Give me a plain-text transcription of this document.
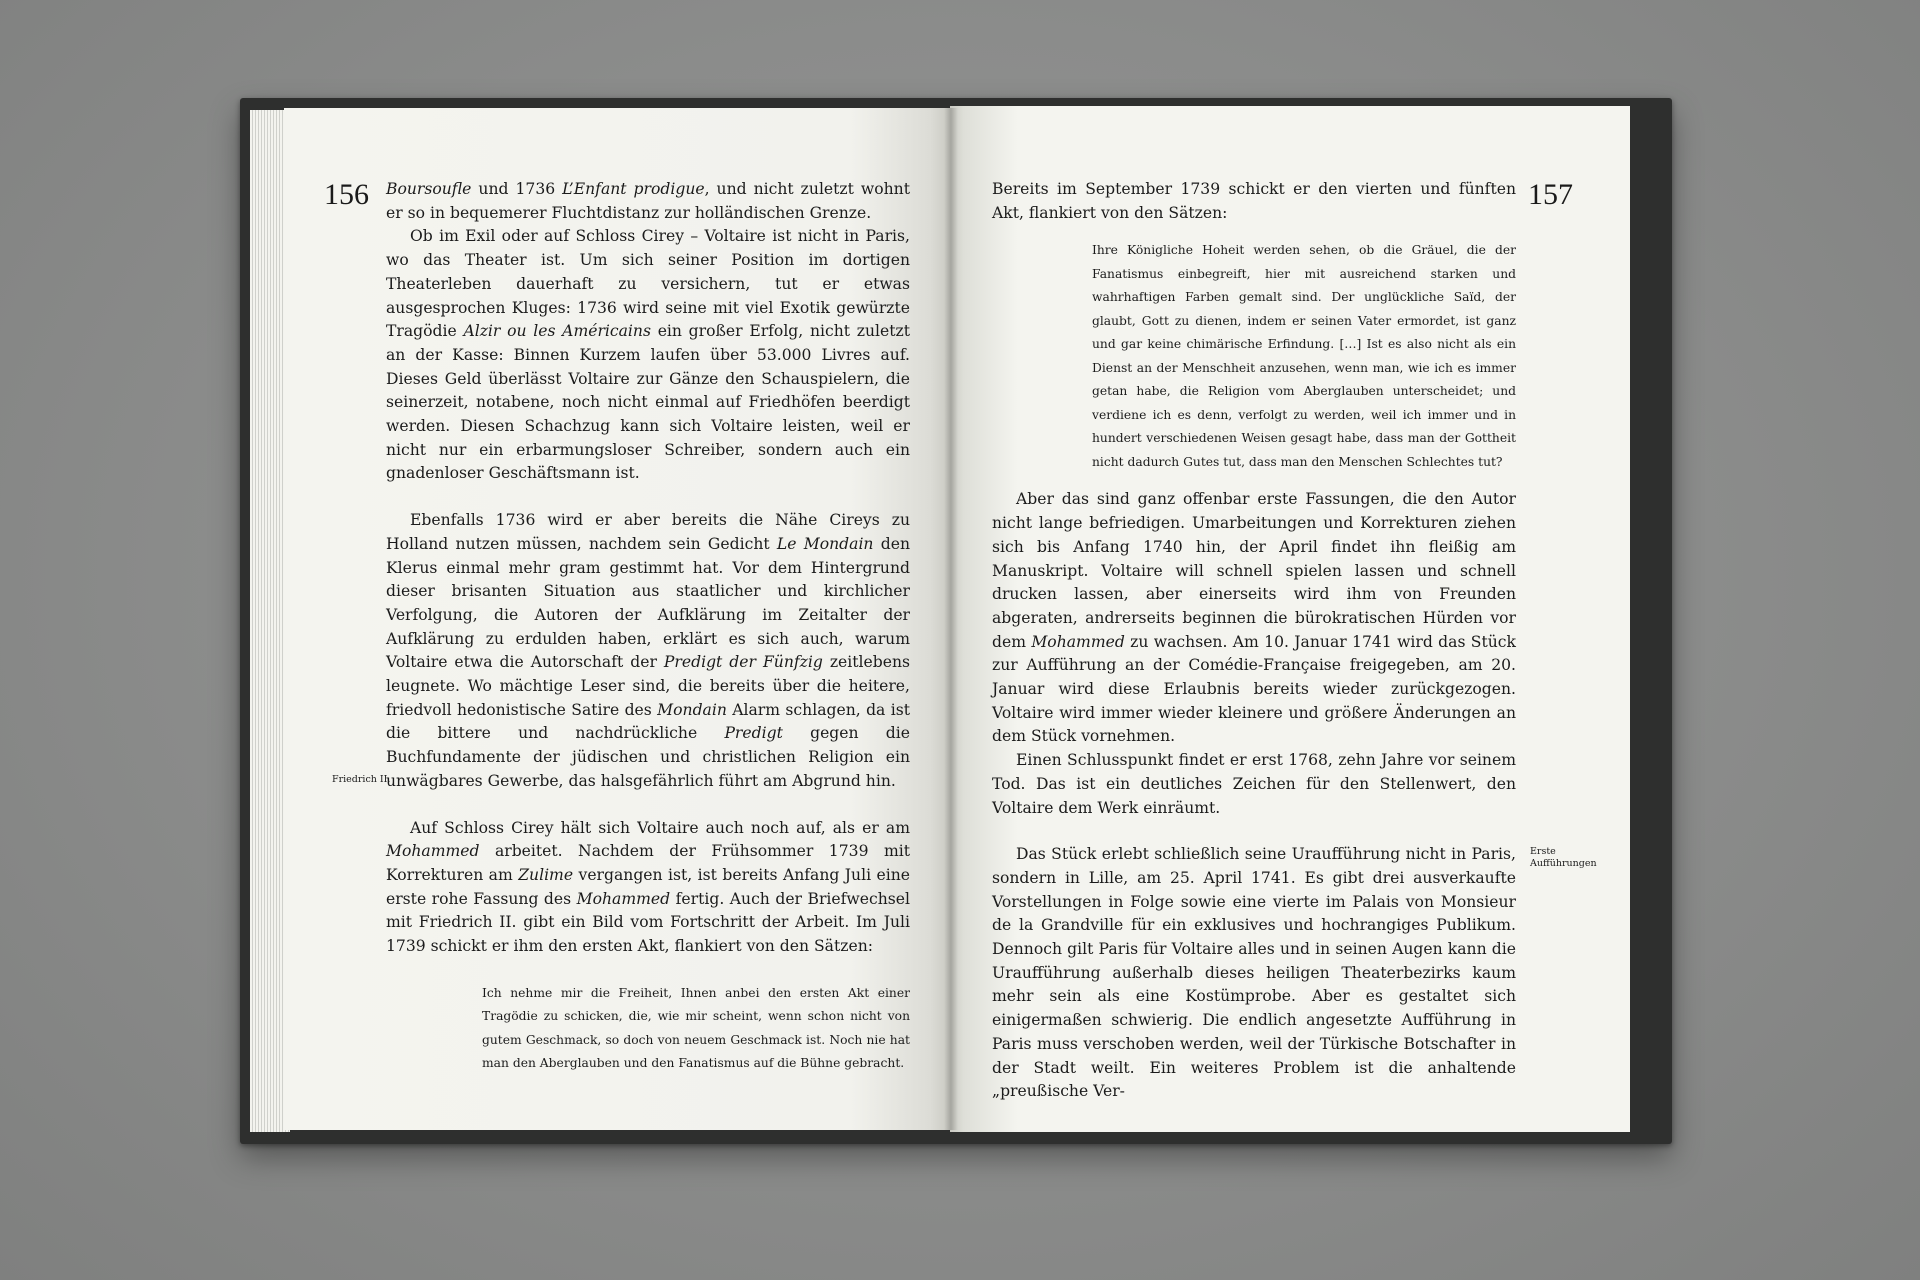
156	157
Friedrich II.
Erste
Aufführungen

Boursoufle und 1736 L’Enfant prodigue, und nicht zuletzt wohnt er so in bequemerer Fluchtdistanz zur holländischen Grenze.

Ob im Exil oder auf Schloss Cirey – Voltaire ist nicht in Paris, wo das Theater ist. Um sich seiner Position im dortigen Theaterleben dauerhaft zu versichern, tut er etwas ausgesprochen Kluges: 1736 wird seine mit viel Exotik gewürzte Tragödie Alzir ou les Américains ein großer Erfolg, nicht zuletzt an der Kasse: Binnen Kurzem laufen über 53.000 Livres auf. Dieses Geld überlässt Voltaire zur Gänze den Schauspielern, die seinerzeit, notabene, noch nicht einmal auf Friedhöfen beerdigt werden. Diesen Schachzug kann sich Voltaire leisten, weil er nicht nur ein erbarmungsloser Schreiber, sondern auch ein gnadenloser Geschäftsmann ist.

Ebenfalls 1736 wird er aber bereits die Nähe Cireys zu Holland nutzen müssen, nachdem sein Gedicht Le Mondain den Klerus einmal mehr gram gestimmt hat. Vor dem Hintergrund dieser brisanten Situation aus staatlicher und kirchlicher Verfolgung, die Autoren der Aufklärung im Zeitalter der Aufklärung zu erdulden haben, erklärt es sich auch, warum Voltaire etwa die Autorschaft der Predigt der Fünfzig zeitlebens leugnete. Wo mächtige Leser sind, die bereits über die heitere, friedvoll hedonistische Satire des Mondain Alarm schlagen, da ist die bittere und nachdrückliche Predigt gegen die Buchfundamente der jüdischen und christlichen Religion ein unwägbares Gewerbe, das halsgefährlich führt am Abgrund hin.

Auf Schloss Cirey hält sich Voltaire auch noch auf, als er am Mohammed arbeitet. Nachdem der Frühsommer 1739 mit Korrekturen am Zulime vergangen ist, ist bereits Anfang Juli eine erste rohe Fassung des Mohammed fertig. Auch der Briefwechsel mit Friedrich II. gibt ein Bild vom Fortschritt der Arbeit. Im Juli 1739 schickt er ihm den ersten Akt, flankiert von den Sätzen:

Ich nehme mir die Freiheit, Ihnen anbei den ersten Akt einer Tragödie zu schicken, die, wie mir scheint, wenn schon nicht von gutem Geschmack, so doch von neuem Geschmack ist. Noch nie hat man den Aberglauben und den Fanatismus auf die Bühne gebracht.

Bereits im September 1739 schickt er den vierten und fünften Akt, flankiert von den Sätzen:

Ihre Königliche Hoheit werden sehen, ob die Gräuel, die der Fanatismus einbegreift, hier mit ausreichend starken und wahrhaftigen Farben gemalt sind. Der unglückliche Saïd, der glaubt, Gott zu dienen, indem er seinen Vater ermordet, ist ganz und gar keine chimärische Erfindung. […] Ist es also nicht als ein Dienst an der Menschheit anzusehen, wenn man, wie ich es immer getan habe, die Religion vom Aberglauben unterscheidet; und verdiene ich es denn, verfolgt zu werden, weil ich immer und in hundert verschiedenen Weisen gesagt habe, dass man der Gottheit nicht dadurch Gutes tut, dass man den Menschen Schlechtes tut?

Aber das sind ganz offenbar erste Fassungen, die den Autor nicht lange befriedigen. Umarbeitungen und Korrekturen ziehen sich bis Anfang 1740 hin, der April findet ihn fleißig am Manuskript. Voltaire will schnell spielen lassen und schnell drucken lassen, aber einerseits wird ihm von Freunden abgeraten, andrerseits beginnen die bürokratischen Hürden vor dem Mohammed zu wachsen. Am 10. Januar 1741 wird das Stück zur Aufführung an der Comédie-Française freigegeben, am 20. Januar wird diese Erlaubnis bereits wieder zurückgezogen. Voltaire wird immer wieder kleinere und größere Änderungen an dem Stück vornehmen.

Einen Schlusspunkt findet er erst 1768, zehn Jahre vor seinem Tod. Das ist ein deutliches Zeichen für den Stellenwert, den Voltaire dem Werk einräumt.

Das Stück erlebt schließlich seine Uraufführung nicht in Paris, sondern in Lille, am 25. April 1741. Es gibt drei ausverkaufte Vorstellungen in Folge sowie eine vierte im Palais von Monsieur de la Grandville für ein exklusives und hochrangiges Publikum. Dennoch gilt Paris für Voltaire alles und in seinen Augen kann die Uraufführung außerhalb dieses heiligen Theaterbezirks kaum mehr sein als eine Kostümprobe. Aber es gestaltet sich einigermaßen schwierig. Die endlich angesetzte Aufführung in Paris muss verschoben werden, weil der Türkische Botschafter in der Stadt weilt. Ein weiteres Problem ist die anhaltende „preußische Ver-
